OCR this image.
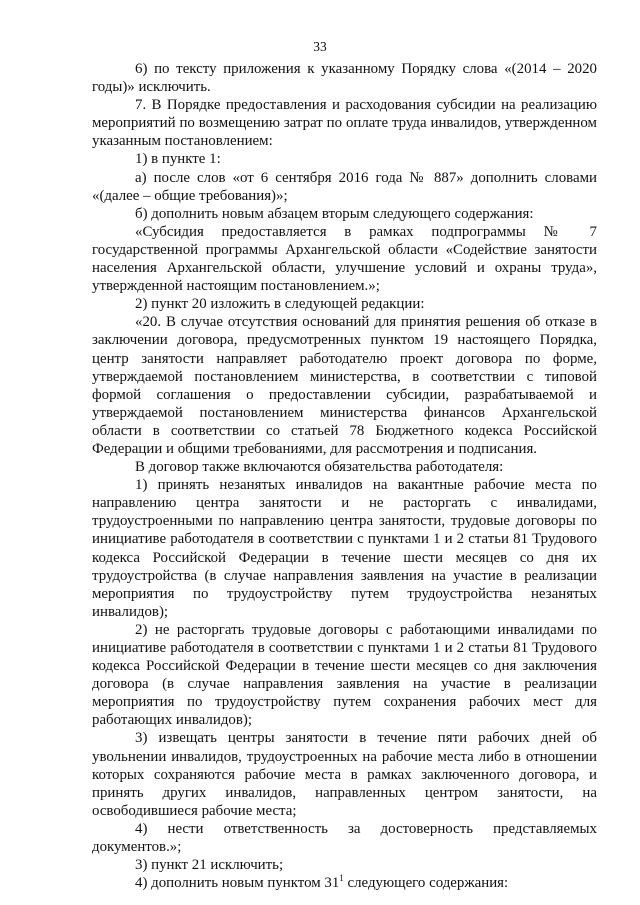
33

6) по тексту приложения к указанному Порядку слова «(2014 – 2020 годы)» исключить.

7. В Порядке предоставления и расходования субсидии на реализацию мероприятий по возмещению затрат по оплате труда инвалидов, утвержденном указанным постановлением:

1) в пункте 1:

а) после слов «от 6 сентября 2016 года № 887» дополнить словами «(далее – общие требования)»;

б) дополнить новым абзацем вторым следующего содержания:

«Субсидия предоставляется в рамках подпрограммы № 7 государственной программы Архангельской области «Содействие занятости населения Архангельской области, улучшение условий и охраны труда», утвержденной настоящим постановлением.»;

2) пункт 20 изложить в следующей редакции:

«20. В случае отсутствия оснований для принятия решения об отказе в заключении договора, предусмотренных пунктом 19 настоящего Порядка, центр занятости направляет работодателю проект договора по форме, утверждаемой постановлением министерства, в соответствии с типовой формой соглашения о предоставлении субсидии, разрабатываемой и утверждаемой постановлением министерства финансов Архангельской области в соответствии со статьей 78 Бюджетного кодекса Российской Федерации и общими требованиями, для рассмотрения и подписания.

В договор также включаются обязательства работодателя:

1) принять незанятых инвалидов на вакантные рабочие места по направлению центра занятости и не расторгать с инвалидами, трудоустроенными по направлению центра занятости, трудовые договоры по инициативе работодателя в соответствии с пунктами 1 и 2 статьи 81 Трудового кодекса Российской Федерации в течение шести месяцев со дня их трудоустройства (в случае направления заявления на участие в реализации мероприятия по трудоустройству путем трудоустройства незанятых инвалидов);

2) не расторгать трудовые договоры с работающими инвалидами по инициативе работодателя в соответствии с пунктами 1 и 2 статьи 81 Трудового кодекса Российской Федерации в течение шести месяцев со дня заключения договора (в случае направления заявления на участие в реализации мероприятия по трудоустройству путем сохранения рабочих мест для работающих инвалидов);

3) извещать центры занятости в течение пяти рабочих дней об увольнении инвалидов, трудоустроенных на рабочие места либо в отношении которых сохраняются рабочие места в рамках заключенного договора, и принять других инвалидов, направленных центром занятости, на освободившиеся рабочие места;

4) нести ответственность за достоверность представляемых документов.»;

3) пункт 21 исключить;

4) дополнить новым пунктом $31^1$ следующего содержания:
